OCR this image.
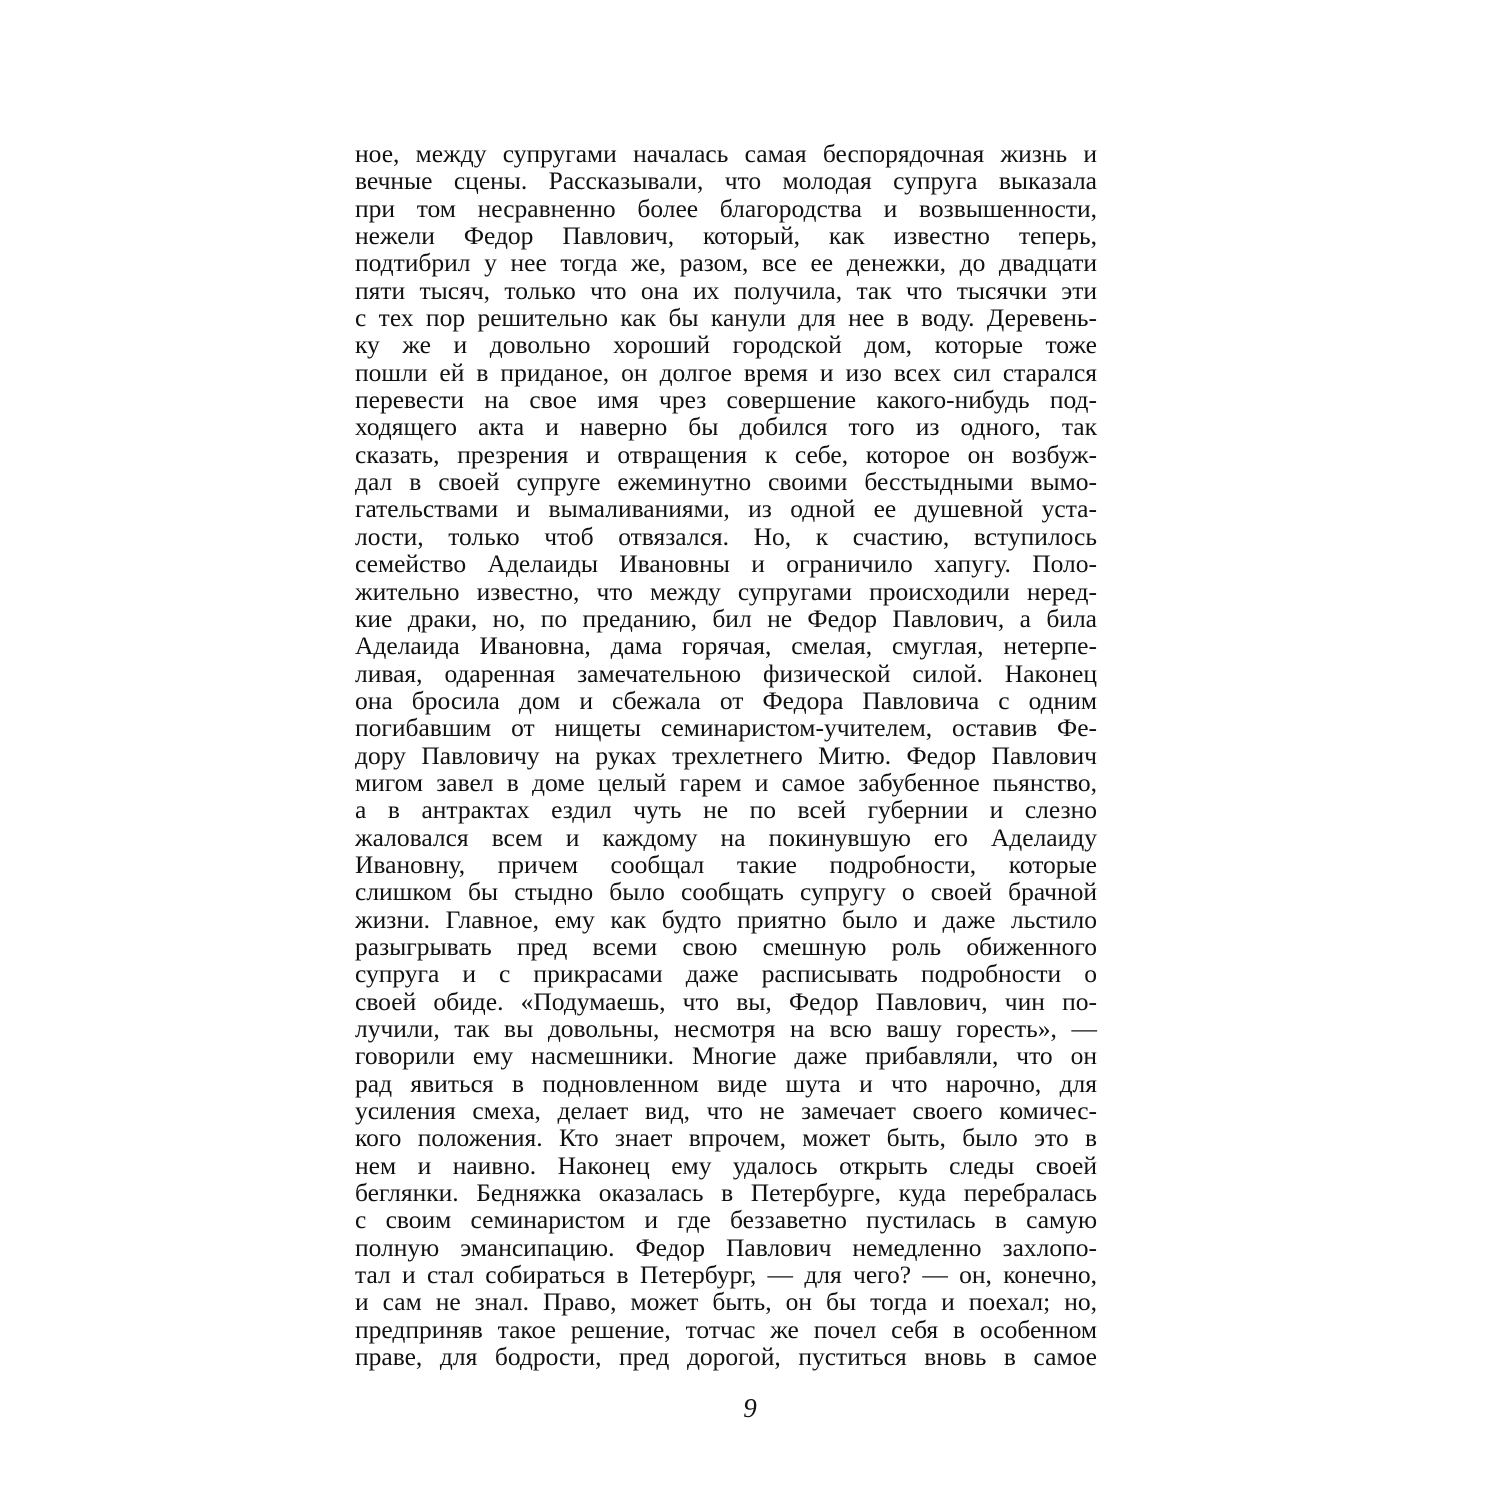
ное, между супругами началась самая беспорядочная жизнь и
вечные сцены. Рассказывали, что молодая супруга выказала
при том несравненно более благородства и возвышенности,
нежели Федор Павлович, который, как известно теперь,
подтибрил у нее тогда же, разом, все ее денежки, до двадцати
пяти тысяч, только что она их получила, так что тысячки эти
с тех пор решительно как бы канули для нее в воду. Деревень-
ку же и довольно хороший городской дом, которые тоже
пошли ей в приданое, он долгое время и изо всех сил старался
перевести на свое имя чрез совершение какого-нибудь под-
ходящего акта и наверно бы добился того из одного, так
сказать, презрения и отвращения к себе, которое он возбуж-
дал в своей супруге ежеминутно своими бесстыдными вымо-
гательствами и вымаливаниями, из одной ее душевной уста-
лости, только чтоб отвязался. Но, к счастию, вступилось
семейство Аделаиды Ивановны и ограничило хапугу. Поло-
жительно известно, что между супругами происходили неред-
кие драки, но, по преданию, бил не Федор Павлович, а била
Аделаида Ивановна, дама горячая, смелая, смуглая, нетерпе-
ливая, одаренная замечательною физической силой. Наконец
она бросила дом и сбежала от Федора Павловича с одним
погибавшим от нищеты семинаристом-учителем, оставив Фе-
дору Павловичу на руках трехлетнего Митю. Федор Павлович
мигом завел в доме целый гарем и самое забубенное пьянство,
а в антрактах ездил чуть не по всей губернии и слезно
жаловался всем и каждому на покинувшую его Аделаиду
Ивановну, причем сообщал такие подробности, которые
слишком бы стыдно было сообщать супругу о своей брачной
жизни. Главное, ему как будто приятно было и даже льстило
разыгрывать пред всеми свою смешную роль обиженного
супруга и с прикрасами даже расписывать подробности о
своей обиде. «Подумаешь, что вы, Федор Павлович, чин по-
лучили, так вы довольны, несмотря на всю вашу горесть», —
говорили ему насмешники. Многие даже прибавляли, что он
рад явиться в подновленном виде шута и что нарочно, для
усиления смеха, делает вид, что не замечает своего комичес-
кого положения. Кто знает впрочем, может быть, было это в
нем и наивно. Наконец ему удалось открыть следы своей
беглянки. Бедняжка оказалась в Петербурге, куда перебралась
с своим семинаристом и где беззаветно пустилась в самую
полную эмансипацию. Федор Павлович немедленно захлопо-
тал и стал собираться в Петербург, — для чего? — он, конечно,
и сам не знал. Право, может быть, он бы тогда и поехал; но,
предприняв такое решение, тотчас же почел себя в особенном
праве, для бодрости, пред дорогой, пуститься вновь в самое
9
